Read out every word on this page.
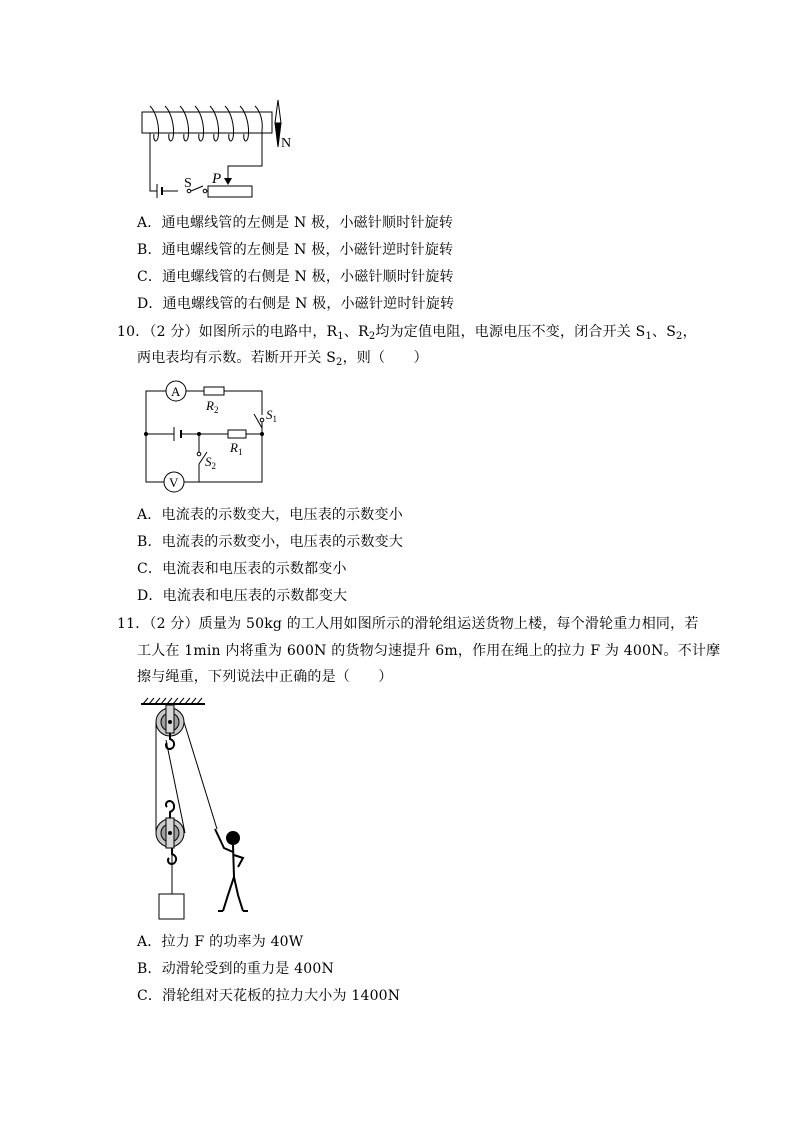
N
S P
A．通电螺线管的左侧是 N 极，小磁针顺时针旋转
B．通电螺线管的左侧是 N 极，小磁针逆时针旋转
C．通电螺线管的右侧是 N 极，小磁针顺时针旋转
D．通电螺线管的右侧是 N 极，小磁针逆时针旋转
10．（2 分）如图所示的电路中，$R_1$、$R_2$均为定值电阻，电源电压不变，闭合开关 $S_1$、$S_2$，
两电表均有示数。若断开开关 $S_2$，则（　　）
A
V
$R_2$
$R_1$
$S_1$
$S_2$
A．电流表的示数变大，电压表的示数变小
B．电流表的示数变小，电压表的示数变大
C．电流表和电压表的示数都变小
D．电流表和电压表的示数都变大
11．（2 分）质量为 50kg 的工人用如图所示的滑轮组运送货物上楼，每个滑轮重力相同，若
工人在 1min 内将重为 600N 的货物匀速提升 6m，作用在绳上的拉力 F 为 400N。不计摩
擦与绳重，下列说法中正确的是（　　）
A．拉力 F 的功率为 40W
B．动滑轮受到的重力是 400N
C．滑轮组对天花板的拉力大小为 1400N
